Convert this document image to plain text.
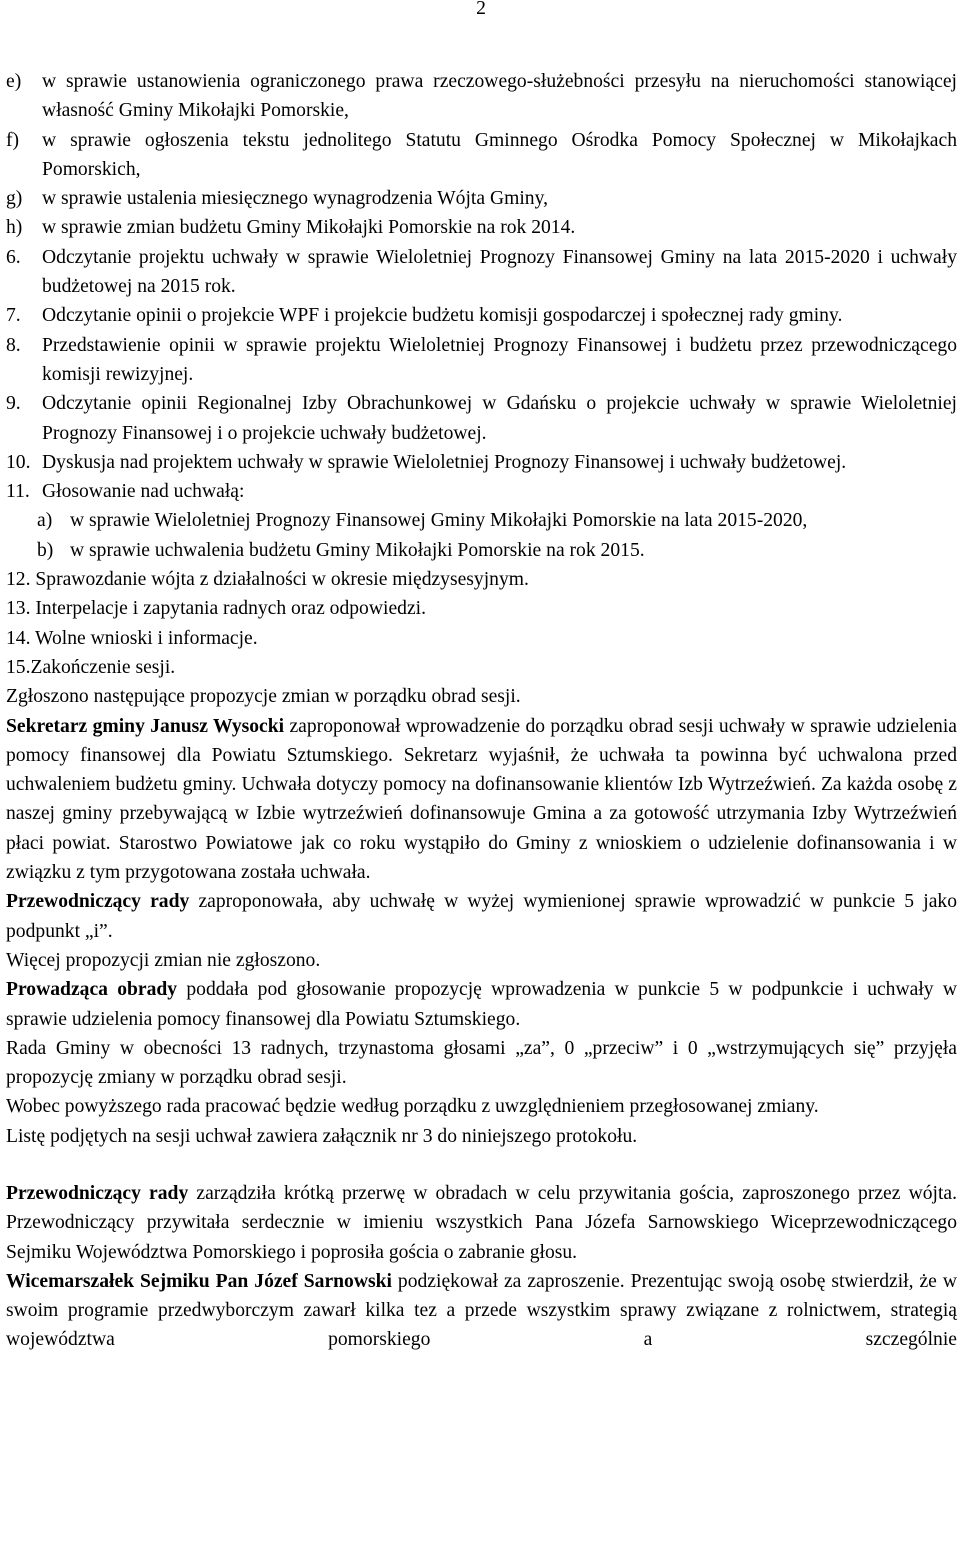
2
e) w sprawie ustanowienia ograniczonego prawa rzeczowego-służebności przesyłu na nieruchomości stanowiącej własność Gminy Mikołajki Pomorskie,
f) w sprawie ogłoszenia tekstu jednolitego Statutu Gminnego Ośrodka Pomocy Społecznej w Mikołajkach Pomorskich,
g) w sprawie ustalenia miesięcznego wynagrodzenia Wójta Gminy,
h) w sprawie zmian budżetu Gminy Mikołajki Pomorskie na rok 2014.
6. Odczytanie projektu uchwały w sprawie Wieloletniej Prognozy Finansowej Gminy na lata 2015-2020 i uchwały budżetowej na 2015 rok.
7. Odczytanie opinii o projekcie WPF i projekcie budżetu komisji gospodarczej i społecznej rady gminy.
8. Przedstawienie opinii w sprawie projektu Wieloletniej Prognozy Finansowej i budżetu przez przewodniczącego komisji rewizyjnej.
9. Odczytanie opinii Regionalnej Izby Obrachunkowej w Gdańsku o projekcie uchwały w sprawie Wieloletniej Prognozy Finansowej i o projekcie uchwały budżetowej.
10. Dyskusja nad projektem uchwały w sprawie Wieloletniej Prognozy Finansowej i uchwały budżetowej.
11. Głosowanie nad uchwałą:
a) w sprawie Wieloletniej Prognozy Finansowej Gminy Mikołajki Pomorskie na lata 2015-2020,
b) w sprawie uchwalenia budżetu Gminy Mikołajki Pomorskie na rok 2015.
12. Sprawozdanie wójta z działalności w okresie międzysesyjnym.
13. Interpelacje i zapytania radnych oraz odpowiedzi.
14. Wolne wnioski i informacje.
15.Zakończenie sesji.
Zgłoszono następujące propozycje zmian w porządku obrad sesji.
Sekretarz gminy Janusz Wysocki zaproponował wprowadzenie do porządku obrad sesji uchwały w sprawie udzielenia pomocy finansowej dla Powiatu Sztumskiego. Sekretarz wyjaśnił, że uchwała ta powinna być uchwalona przed uchwaleniem budżetu gminy. Uchwała dotyczy pomocy na dofinansowanie klientów Izb Wytrzeźwień. Za każda osobę z naszej gminy przebywającą w Izbie wytrzeźwień dofinansowuje Gmina a za gotowość utrzymania Izby Wytrzeźwień płaci powiat. Starostwo Powiatowe jak co roku wystąpiło do Gminy z wnioskiem o udzielenie dofinansowania i w związku z tym przygotowana została uchwała.
Przewodniczący rady zaproponowała, aby uchwałę w wyżej wymienionej sprawie wprowadzić w punkcie 5 jako podpunkt „i”.
Więcej propozycji zmian nie zgłoszono.
Prowadząca obrady poddała pod głosowanie propozycję wprowadzenia w punkcie 5 w podpunkcie i uchwały w sprawie udzielenia pomocy finansowej dla Powiatu Sztumskiego.
Rada Gminy w obecności 13 radnych, trzynastoma głosami „za”, 0 „przeciw” i 0 „wstrzymujących się” przyjęła propozycję zmiany w porządku obrad sesji.
Wobec powyższego rada pracować będzie według porządku z uwzględnieniem przegłosowanej zmiany.
Listę podjętych na sesji uchwał zawiera załącznik nr 3 do niniejszego protokołu.
Przewodniczący rady zarządziła krótką przerwę w obradach w celu przywitania gościa, zaproszonego przez wójta. Przewodniczący przywitała serdecznie w imieniu wszystkich Pana Józefa Sarnowskiego Wiceprzewodniczącego Sejmiku Województwa Pomorskiego i poprosiła gościa o zabranie głosu.
Wicemarszałek Sejmiku Pan Józef Sarnowski podziękował za zaproszenie. Prezentując swoją osobę stwierdził, że w swoim programie przedwyborczym zawarł kilka tez a przede wszystkim sprawy związane z rolnictwem, strategią województwa pomorskiego a szczególnie
